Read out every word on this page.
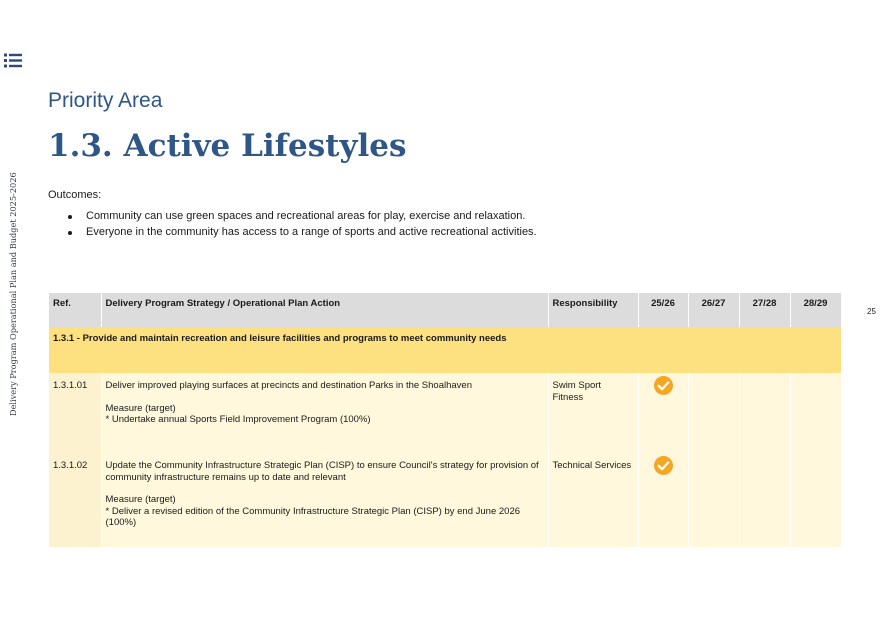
Delivery Program Operational Plan and Budget 2025-2026
Priority Area
1.3. Active Lifestyles
Outcomes:
Community can use green spaces and recreational areas for play, exercise and relaxation.
Everyone in the community has access to a range of sports and active recreational activities.
25
Ref.	Delivery Program Strategy / Operational Plan Action	Responsibility	25/26	26/27	27/28	28/29
1.3.1 - Provide and maintain recreation and leisure facilities and programs to meet community needs						
1.3.1.01	Deliver improved playing surfaces at precincts and destination Parks in the Shoalhaven
Measure (target)
* Undertake annual Sports Field Improvement Program (100%)	Swim Sport Fitness				
1.3.1.02	Update the Community Infrastructure Strategic Plan (CISP) to ensure Council's strategy for provision of community infrastructure remains up to date and relevant
Measure (target)
* Deliver a revised edition of the Community Infrastructure Strategic Plan (CISP) by end June 2026 (100%)	Technical Services				
